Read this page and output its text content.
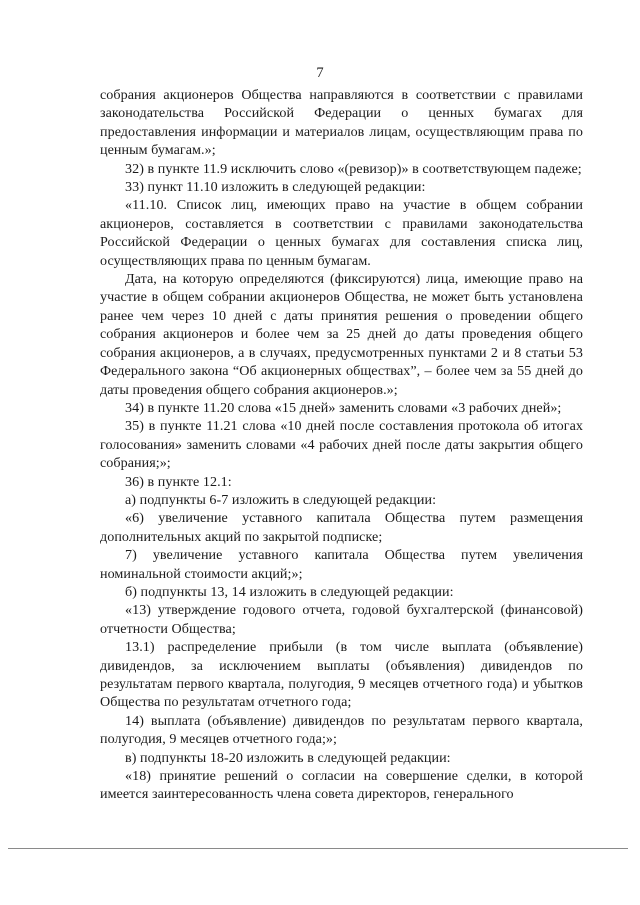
7

собрания акционеров Общества направляются в соответствии с правилами законодательства Российской Федерации о ценных бумагах для предоставления информации и материалов лицам, осуществляющим права по ценным бумагам.»;

32) в пункте 11.9 исключить слово «(ревизор)» в соответствующем падеже;

33) пункт 11.10 изложить в следующей редакции:

«11.10. Список лиц, имеющих право на участие в общем собрании акционеров, составляется в соответствии с правилами законодательства Российской Федерации о ценных бумагах для составления списка лиц, осуществляющих права по ценным бумагам.

Дата, на которую определяются (фиксируются) лица, имеющие право на участие в общем собрании акционеров Общества, не может быть установлена ранее чем через 10 дней с даты принятия решения о проведении общего собрания акционеров и более чем за 25 дней до даты проведения общего собрания акционеров, а в случаях, предусмотренных пунктами 2 и 8 статьи 53 Федерального закона “Об акционерных обществах”, – более чем за 55 дней до даты проведения общего собрания акционеров.»;

34) в пункте 11.20 слова «15 дней» заменить словами «3 рабочих дней»;

35) в пункте 11.21 слова «10 дней после составления протокола об итогах голосования» заменить словами «4 рабочих дней после даты закрытия общего собрания;»;

36) в пункте 12.1:

а) подпункты 6-7 изложить в следующей редакции:

«6) увеличение уставного капитала Общества путем размещения дополнительных акций по закрытой подписке;

7) увеличение уставного капитала Общества путем увеличения номинальной стоимости акций;»;

б) подпункты 13, 14 изложить в следующей редакции:

«13) утверждение годового отчета, годовой бухгалтерской (финансовой) отчетности Общества;

13.1) распределение прибыли (в том числе выплата (объявление) дивидендов, за исключением выплаты (объявления) дивидендов по результатам первого квартала, полугодия, 9 месяцев отчетного года) и убытков Общества по результатам отчетного года;

14) выплата (объявление) дивидендов по результатам первого квартала, полугодия, 9 месяцев отчетного года;»;

в) подпункты 18-20 изложить в следующей редакции:

«18) принятие решений о согласии на совершение сделки, в которой имеется заинтересованность члена совета директоров, генерального
